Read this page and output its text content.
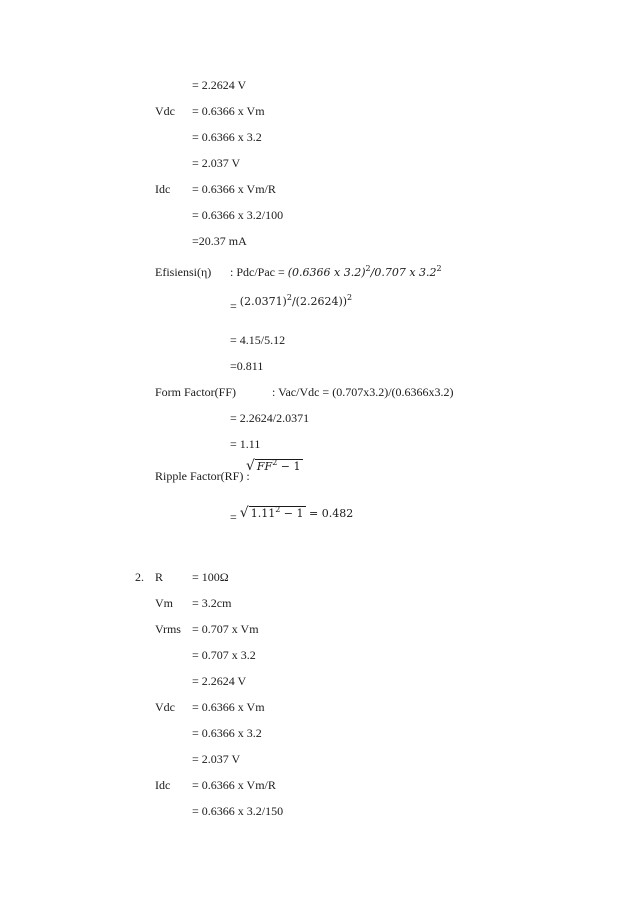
= 2.2624 V
Vdc = 0.6366 x Vm
= 0.6366 x 3.2
= 2.037 V
Idc = 0.6366 x Vm/R
= 0.6366 x 3.2/100
=20.37 mA
Efisiensi(η) : Pdc/Pac = (0.6366 x 3.2)$^2$/0.707 x $3.2^2$
= $(2.0371)^2/(2.2624))^2$
= 4.15/5.12
=0.811
Form Factor(FF)	: Vac/Vdc = (0.707x3.2)/(0.6366x3.2)
= 2.2624/2.0371
= 1.11
Ripple Factor(RF) :
√ $FF^2 - 1$
= √ $1.11^2 - 1 = 0.482$
2. R = 100Ω
Vm = 3.2cm
Vrms = 0.707 x Vm
= 0.707 x 3.2
= 2.2624 V
Vdc = 0.6366 x Vm
= 0.6366 x 3.2
= 2.037 V
Idc = 0.6366 x Vm/R
= 0.6366 x 3.2/150
